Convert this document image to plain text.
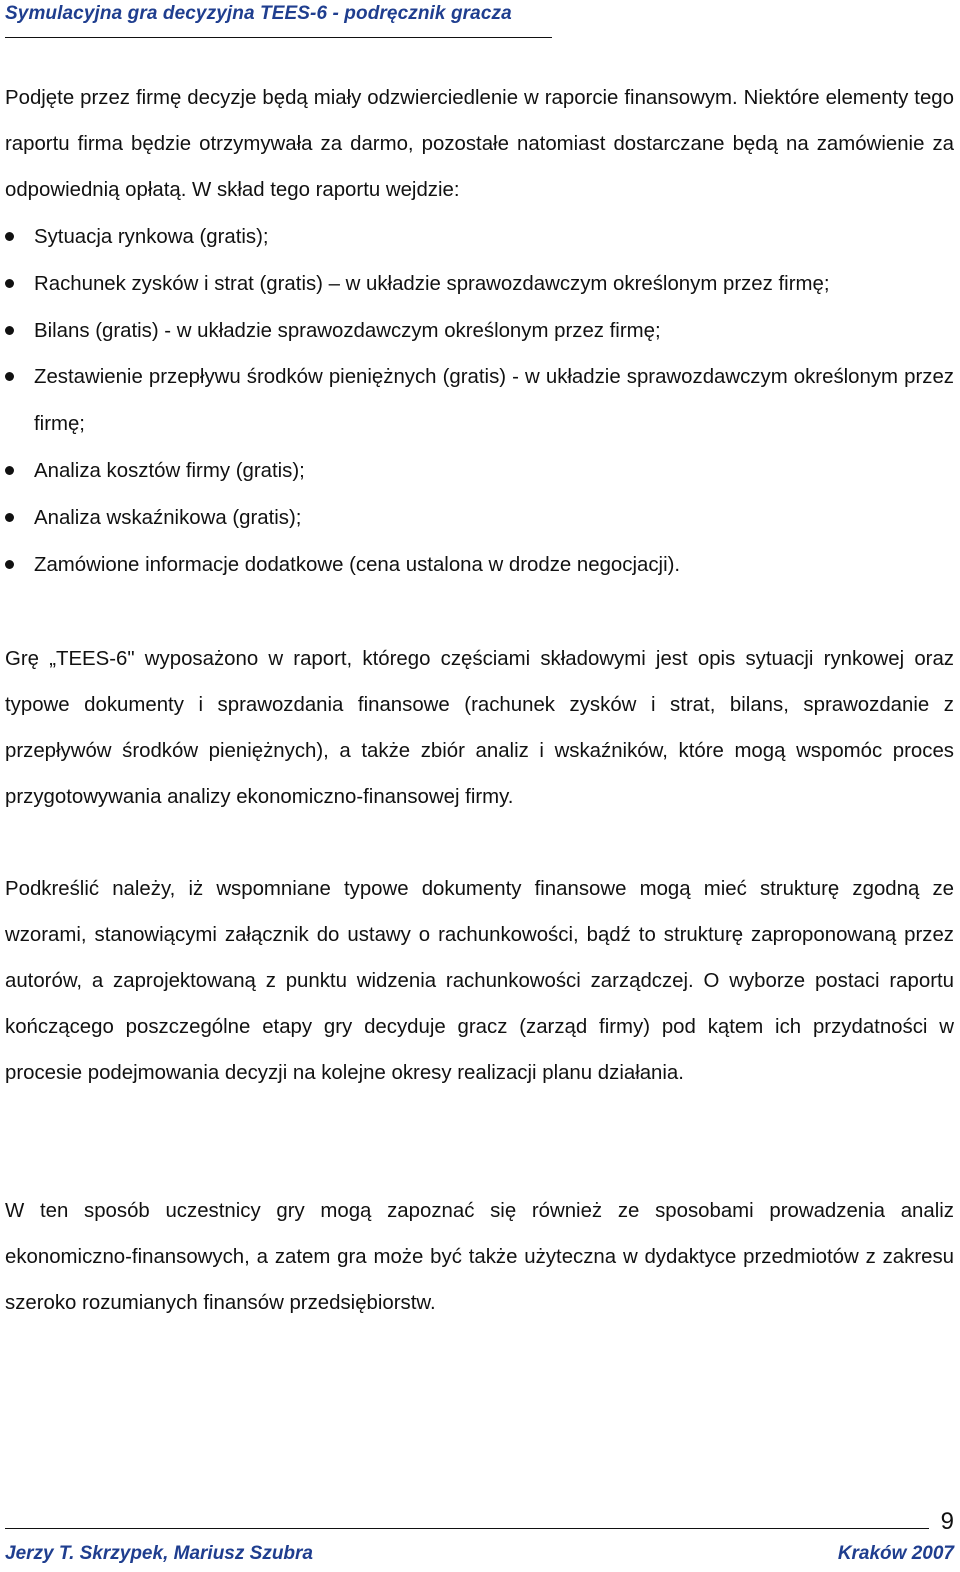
Symulacyjna gra decyzyjna TEES-6 - podręcznik gracza

Podjęte przez firmę decyzje będą miały odzwierciedlenie w raporcie finansowym. Niektóre elementy tego raportu firma będzie otrzymywała za darmo, pozostałe natomiast dostarczane będą na zamówienie za odpowiednią opłatą. W skład tego raportu wejdzie:

Sytuacja rynkowa (gratis);
Rachunek zysków i strat (gratis) – w układzie sprawozdawczym określonym przez firmę;
Bilans (gratis) - w układzie sprawozdawczym określonym przez firmę;
Zestawienie przepływu środków pieniężnych (gratis) - w układzie sprawozdawczym określonym przez firmę;
Analiza kosztów firmy (gratis);
Analiza wskaźnikowa (gratis);
Zamówione informacje dodatkowe (cena ustalona w drodze negocjacji).

Grę „TEES-6" wyposażono w raport, którego częściami składowymi jest opis sytuacji rynkowej oraz typowe dokumenty i sprawozdania finansowe (rachunek zysków i strat, bilans, sprawozdanie z przepływów środków pieniężnych), a także zbiór analiz i wskaźników, które mogą wspomóc proces przygotowywania analizy ekonomiczno-finansowej firmy.

Podkreślić należy, iż wspomniane typowe dokumenty finansowe mogą mieć strukturę zgodną ze wzorami, stanowiącymi załącznik do ustawy o rachunkowości, bądź to strukturę zaproponowaną przez autorów, a zaprojektowaną z punktu widzenia rachunkowości zarządczej. O wyborze postaci raportu kończącego poszczególne etapy gry decyduje gracz (zarząd firmy) pod kątem ich przydatności w procesie podejmowania decyzji na kolejne okresy realizacji planu działania.

W ten sposób uczestnicy gry mogą zapoznać się również ze sposobami prowadzenia analiz ekonomiczno-finansowych, a zatem gra może być także użyteczna w dydaktyce przedmiotów z zakresu szeroko rozumianych finansów przedsiębiorstw.

9
Jerzy T. Skrzypek, Mariusz Szubra	Kraków 2007
